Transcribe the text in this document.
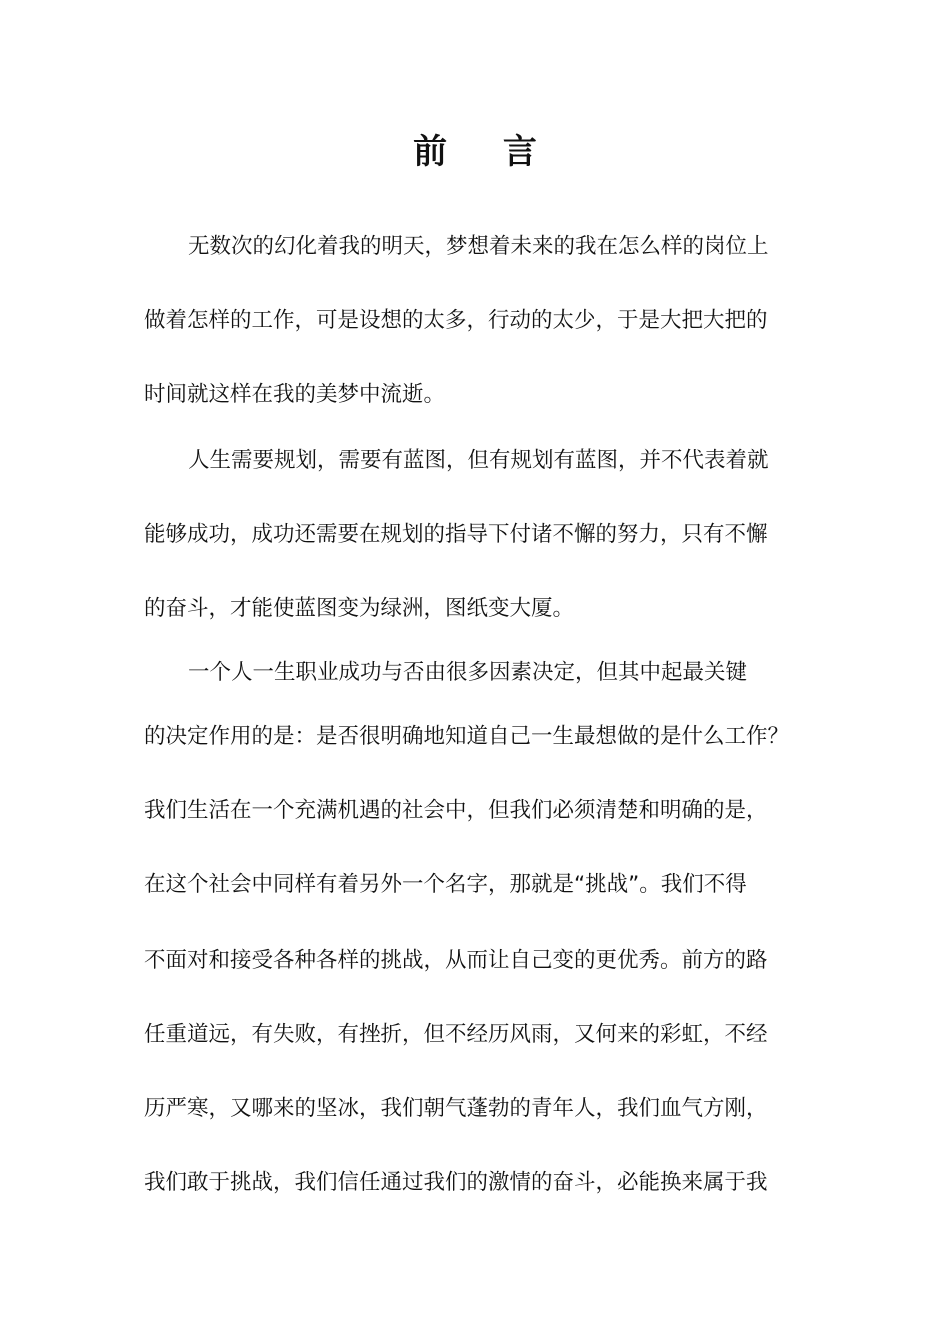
前 言
无数次的幻化着我的明天，梦想着未来的我在怎么样的岗位上
做着怎样的工作，可是设想的太多，行动的太少，于是大把大把的
时间就这样在我的美梦中流逝。
人生需要规划，需要有蓝图，但有规划有蓝图，并不代表着就
能够成功，成功还需要在规划的指导下付诸不懈的努力，只有不懈
的奋斗，才能使蓝图变为绿洲，图纸变大厦。
一个人一生职业成功与否由很多因素决定，但其中起最关键
的决定作用的是：是否很明确地知道自己一生最想做的是什么工作？
我们生活在一个充满机遇的社会中，但我们必须清楚和明确的是，
在这个社会中同样有着另外一个名字，那就是“挑战”。我们不得
不面对和接受各种各样的挑战，从而让自己变的更优秀。前方的路
任重道远，有失败，有挫折，但不经历风雨，又何来的彩虹，不经
历严寒，又哪来的坚冰，我们朝气蓬勃的青年人，我们血气方刚，
我们敢于挑战，我们信任通过我们的激情的奋斗，必能换来属于我
